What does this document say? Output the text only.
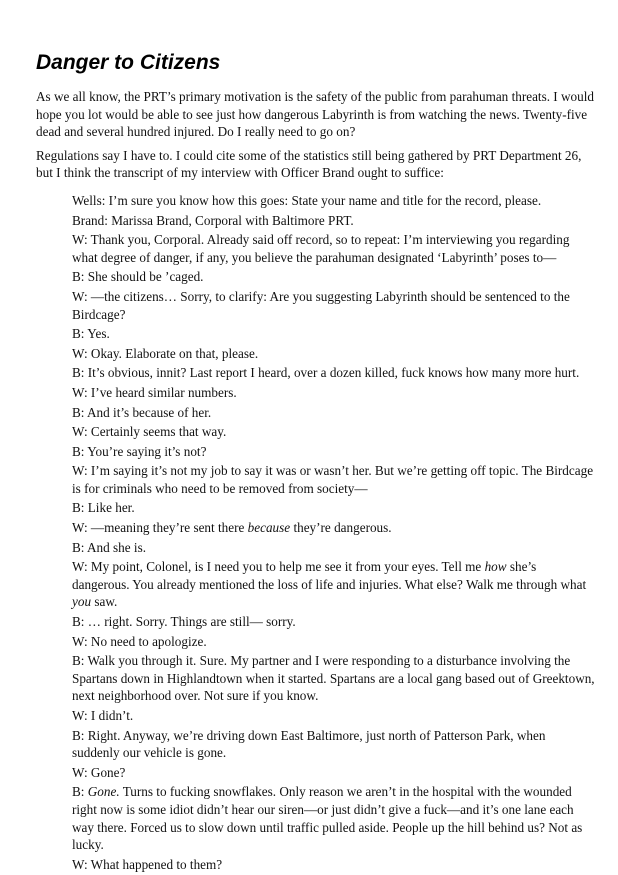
Danger to Citizens

As we all know, the PRT’s primary motivation is the safety of the public from parahuman threats. I would hope you lot would be able to see just how dangerous Labyrinth is from watching the news. Twenty-five dead and several hundred injured. Do I really need to go on?

Regulations say I have to. I could cite some of the statistics still being gathered by PRT Department 26, but I think the transcript of my interview with Officer Brand ought to suffice:

Wells: I’m sure you know how this goes: State your name and title for the record, please.
Brand: Marissa Brand, Corporal with Baltimore PRT.
W: Thank you, Corporal. Already said off record, so to repeat: I’m interviewing you regarding what degree of danger, if any, you believe the parahuman designated ‘Labyrinth’ poses to—
B: She should be ’caged.
W: —the citizens… Sorry, to clarify: Are you suggesting Labyrinth should be sentenced to the Birdcage?
B: Yes.
W: Okay. Elaborate on that, please.
B: It’s obvious, innit? Last report I heard, over a dozen killed, fuck knows how many more hurt.
W: I’ve heard similar numbers.
B: And it’s because of her.
W: Certainly seems that way.
B: You’re saying it’s not?
W: I’m saying it’s not my job to say it was or wasn’t her. But we’re getting off topic. The Birdcage is for criminals who need to be removed from society—
B: Like her.
W: —meaning they’re sent there because they’re dangerous.
B: And she is.
W: My point, Colonel, is I need you to help me see it from your eyes. Tell me how she’s dangerous. You already mentioned the loss of life and injuries. What else? Walk me through what you saw.
B: … right. Sorry. Things are still— sorry.
W: No need to apologize.
B: Walk you through it. Sure. My partner and I were responding to a disturbance involving the Spartans down in Highlandtown when it started. Spartans are a local gang based out of Greektown, next neighborhood over. Not sure if you know.
W: I didn’t.
B: Right. Anyway, we’re driving down East Baltimore, just north of Patterson Park, when suddenly our vehicle is gone.
W: Gone?
B: Gone. Turns to fucking snowflakes. Only reason we aren’t in the hospital with the wounded right now is some idiot didn’t hear our siren—or just didn’t give a fuck—and it’s one lane each way there. Forced us to slow down until traffic pulled aside. People up the hill behind us? Not as lucky.
W: What happened to them?
